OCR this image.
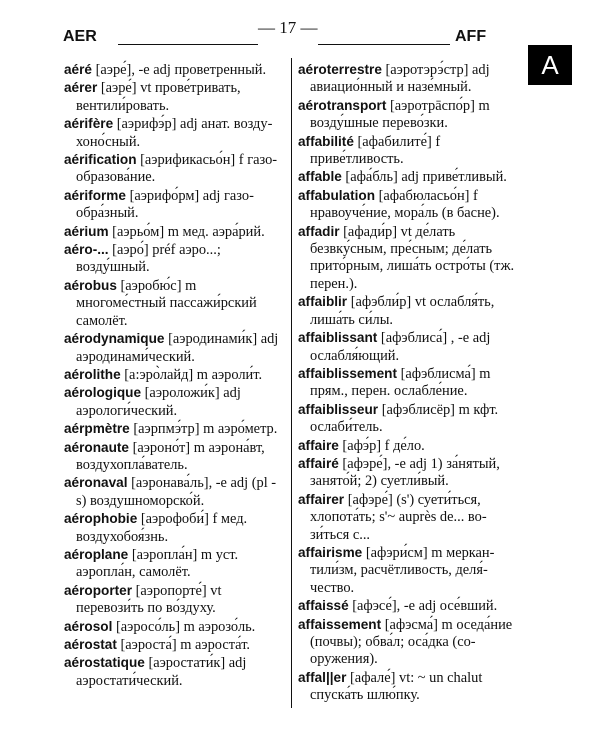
AER	— 17 —	AFF
A

aéré [аэре́], -e adj проветренный.

aérer [аэре́] vt прове́тривать, вентили́ровать.

aérifère [аэрифэ́р] adj анат. воздухоно́сный.

aérification [аэрификасьо́н] f газообразова́ние.

aériforme [аэрифо́рм] adj газообра́зный.

aérium [аэрьо́м] m мед. аэра́рий.

aéro-... [аэро́] préf аэро...; возду́шный.

aérobus [аэробю́с] m многоме́стный пассажи́рский самолёт.

aérodynamique [аэродинами́к] adj аэродинами́ческий.

aérolithe [а:эро̀лайд] m аэроли́т.

aérologique [аэроложи́к] adj аэрологи́ческий.

aérpmètre [аэрпмэ́тр] m аэро́метр.

aéronaute [аэроно́т] m аэрона́вт, воздухопла́ватель.

aéronaval [аэронава́ль], -e adj (pl -s) воздушноморско́й.

aérophobie [аэрофоби́] f мед. воздухобоя́знь.

aéroplane [аэропла́н] m уст. аэропла́н, самолёт.

aéroporter [аэропорте́] vt перевози́ть по во́здуху.

aérosol [аэросо́ль] m аэрозо́ль.

aérostat [аэроста́] m аэроста́т.

aérostatique [аэростати́к] adj аэростати́ческий.

aéroterrestre [аэротэрэ́стр] adj авиацио́нный и назе́мный.

aérotransport [аэротрāспо́р] m возду́шные перево́зки.

affabilité [афабилите́] f приве́тливость.

affable [афа́бль] adj приве́тливый.

affabulation [афабюласьо́н] f нравоуче́ние, мора́ль (в басне).

affadir [афади́р] vt де́лать безвку́сным, пре́сным; де́лать прито́рным, лиша́ть остро́ты (тж. перен.).

affaiblir [афэбли́р] vt ослабля́ть, лиша́ть си́лы.

affaiblissant [афэблиса́] , -e adj ослабля́ющий.

affaiblissement [афэблисма́] m прям., перен. ослабле́ние.

affaiblisseur [афэблисёр] m кфт. ослаби́тель.

affaire [афэ́р] f де́ло.

affairé [афэре́], -e adj 1) за́нятый, занято́й; 2) суетли́вый.

affairer [афэре́] (s') суети́ться, хлопота́ть; s'~ auprès de... вози́ться с...

affairisme [афэри́см] m меркантили́зм, расчётливость, деля́чество.

affaissé [афэсе́], -e adj осе́вший.

affaissement [афэсма́] m оседа́ние (почвы); обва́л; оса́дка (сооружения).

affal||er [афале́] vt: ~ un chalut спуска́ть шлю́пку.
